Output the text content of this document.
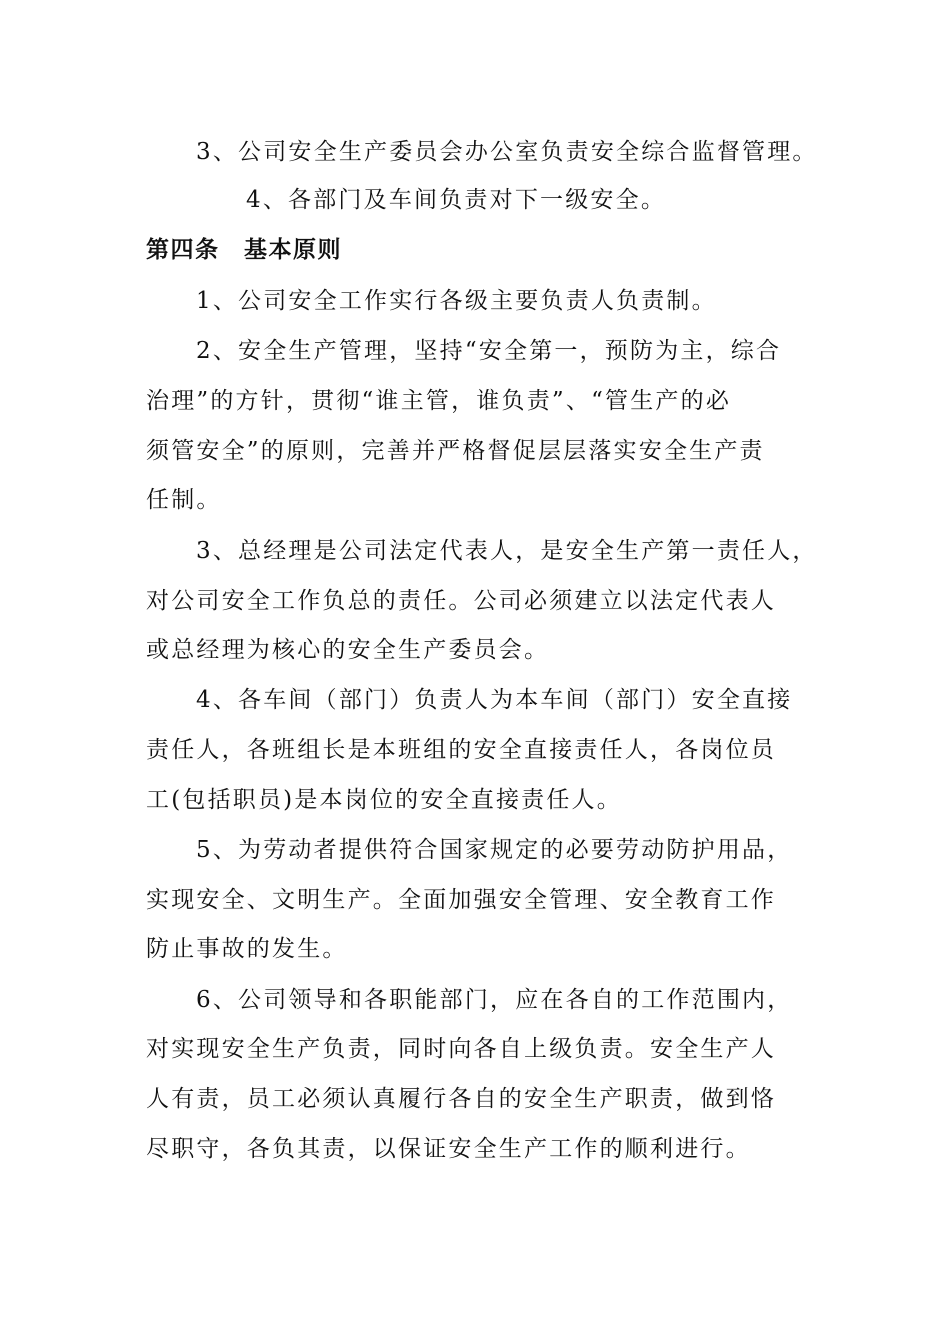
3、公司安全生产委员会办公室负责安全综合监督管理。
4、各部门及车间负责对下一级安全。
第四条　基本原则
1、公司安全工作实行各级主要负责人负责制。
2、安全生产管理，坚持“安全第一，预防为主，综合
治理”的方针，贯彻“谁主管，谁负责”、“管生产的必
须管安全”的原则，完善并严格督促层层落实安全生产责
任制。
3、总经理是公司法定代表人，是安全生产第一责任人，
对公司安全工作负总的责任。公司必须建立以法定代表人
或总经理为核心的安全生产委员会。
4、各车间（部门）负责人为本车间（部门）安全直接
责任人，各班组长是本班组的安全直接责任人，各岗位员
工(包括职员)是本岗位的安全直接责任人。
5、为劳动者提供符合国家规定的必要劳动防护用品，
实现安全、文明生产。全面加强安全管理、安全教育工作
防止事故的发生。
6、公司领导和各职能部门，应在各自的工作范围内，
对实现安全生产负责，同时向各自上级负责。安全生产人
人有责，员工必须认真履行各自的安全生产职责，做到恪
尽职守，各负其责，以保证安全生产工作的顺利进行。
